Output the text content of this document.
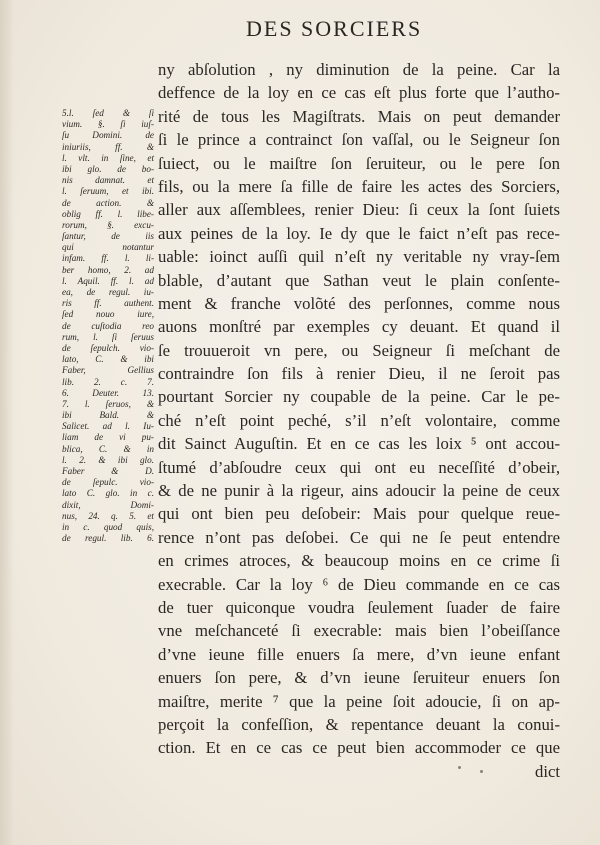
DES SORCIERS
ny abſolution , ny diminution de la peine. Car la
deffence de la loy en ce cas eſt plus forte que l’autho-
rité de tous les Magiſtrats. Mais on peut demander
ſi le prince a contrainct ſon vaſſal, ou le Seigneur ſon
ſuiect, ou le maiſtre ſon ſeruiteur, ou le pere ſon
fils, ou la mere ſa fille de faire les actes des Sorciers,
aller aux aſſemblees, renier Dieu: ſi ceux la ſont ſuiets
aux peines de la loy. Ie dy que le faict n’eſt pas rece-
uable: ioinct auſſi quil n’eſt ny veritable ny vray-ſem
blable, d’autant que Sathan veut le plain conſente-
ment & franche volõté des perſonnes, comme nous
auons monſtré par exemples cy deuant. Et quand il
ſe trouueroit vn pere, ou Seigneur ſi meſchant de
contraindre ſon fils à renier Dieu, il ne ſeroit pas
pourtant Sorcier ny coupable de la peine. Car le pe-
ché n’eſt point peché, s’il n’eſt volontaire, comme
dit Sainct Auguſtin. Et en ce cas les loix ⁵ ont accou-
ſtumé d’abſoudre ceux qui ont eu neceſſité d’obeir,
& de ne punir à la rigeur, ains adoucir la peine de ceux
qui ont bien peu deſobeir: Mais pour quelque reue-
rence n’ont pas deſobei. Ce qui ne ſe peut entendre
en crimes atroces, & beaucoup moins en ce crime ſi
execrable. Car la loy ⁶ de Dieu commande en ce cas
de tuer quiconque voudra ſeulement ſuader de faire
vne meſchanceté ſi execrable: mais bien l’obeiſſance
d’vne ieune fille enuers ſa mere, d’vn ieune enfant
enuers ſon pere, & d’vn ieune ſeruiteur enuers ſon
maiſtre, merite ⁷ que la peine ſoit adoucie, ſi on ap-
perçoit la confeſſion, & repentance deuant la conui-
ction. Et en ce cas ce peut bien accommoder ce que
dict
5.l. ſed & ſi
vium. §. ſi iuſ-
ſu Domini. de
iniuriis, ff. &
l. vlt. in ſine, et
ibi glo. de bo-
nis damnat. et
l. ſeruum, et ibi.
de action. &
oblig ff. l. libe-
rorum, §. excu-
ſantur, de iis
qui notantur
infam. ff. l. li-
ber homo, 2. ad
l. Aquil. ff. l. ad
ea, de regul. iu-
ris ff. authent.
ſed nouo iure,
de cuſtodia reo
rum, l. ſi ſeruus
de ſepulch. vio-
lato, C. & ibi
Faber, Gellius
lib. 2. c. 7.
6. Deuter. 13.
7. l. ſeruos, &
ibi Bald. &
Salicet. ad l. Iu-
liam de vi pu-
blica, C. & in
l. 2. & ibi glo.
Faber & D.
de ſepulc. vio-
lato C. glo. in c.
dixit, Domi-
nus, 24. q. 5. et
in c. quod quis,
de regul. lib. 6.
